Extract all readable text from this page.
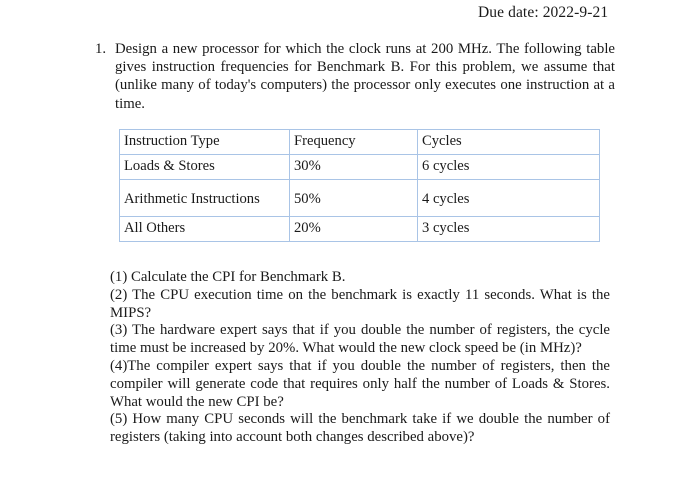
Due date: 2022-9-21
1. Design a new processor for which the clock runs at 200 MHz. The following table gives instruction frequencies for Benchmark B. For this problem, we assume that (unlike many of today's computers) the processor only executes one instruction at a time.
Instruction Type	Frequency	Cycles
Loads & Stores	30%	6 cycles
Arithmetic Instructions	50%	4 cycles
All Others	20%	3 cycles

(1) Calculate the CPI for Benchmark B.

(2) The CPU execution time on the benchmark is exactly 11 seconds. What is the MIPS?

(3) The hardware expert says that if you double the number of registers, the cycle time must be increased by 20%. What would the new clock speed be (in MHz)?

(4)The compiler expert says that if you double the number of registers, then the compiler will generate code that requires only half the number of Loads & Stores. What would the new CPI be?

(5) How many CPU seconds will the benchmark take if we double the number of registers (taking into account both changes described above)?
